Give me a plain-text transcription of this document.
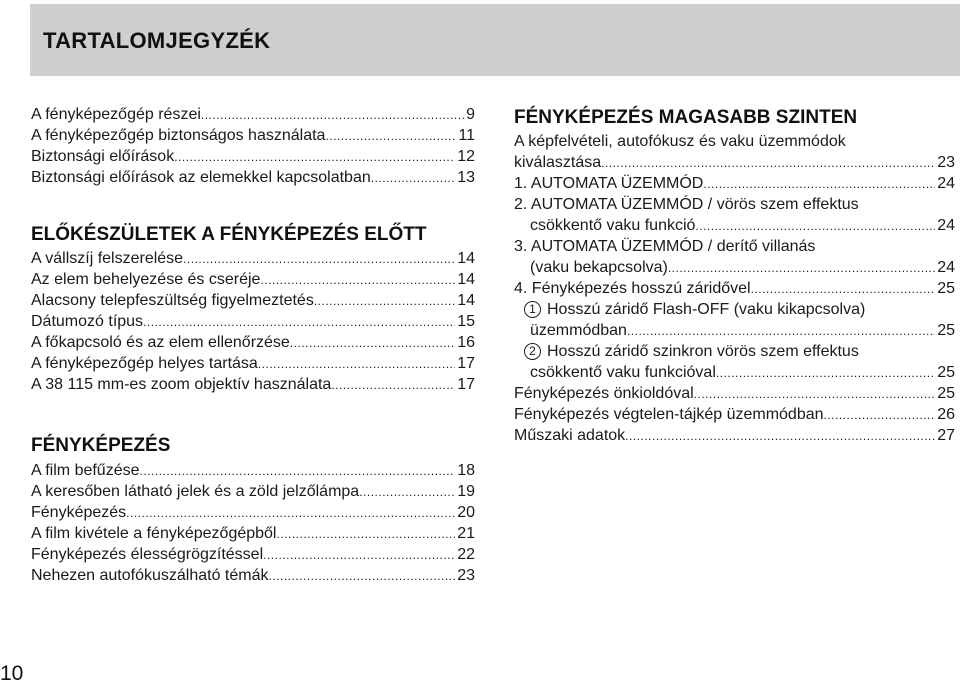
TARTALOMJEGYZÉK
A fényképezőgép részei .....	9
A fényképezőgép biztonságos használata .....	11
Biztonsági előírások .....	12
Biztonsági előírások az elemekkel kapcsolatban .....	13
ELŐKÉSZÜLETEK A FÉNYKÉPEZÉS ELŐTT
A vállszíj felszerelése .....	14
Az elem behelyezése és cseréje .....	14
Alacsony telepfeszültség figyelmeztetés .....	14
Dátumozó típus .....	15
A főkapcsoló és az elem ellenőrzése .....	16
A fényképezőgép helyes tartása .....	17
A 38 115 mm-es zoom objektív használata .....	17
FÉNYKÉPEZÉS
A film befűzése .....	18
A keresőben látható jelek és a zöld jelzőlámpa .....	19
Fényképezés .....	20
A film kivétele a fényképezőgépből .....	21
Fényképezés élességrögzítéssel .....	22
Nehezen autofókuszálható témák .....	23
FÉNYKÉPEZÉS MAGASABB SZINTEN
A képfelvételi, autofókusz és vaku üzemmódok
kiválasztása .....	23
1. AUTOMATA ÜZEMMÓD .....	24
2. AUTOMATA ÜZEMMÓD / vörös szem effektus
csökkentő vaku funkció .....	24
3. AUTOMATA ÜZEMMÓD / derítő villanás
(vaku bekapcsolva) .....	24
4. Fényképezés hosszú záridővel .....	25
1 Hosszú záridő Flash-OFF (vaku kikapcsolva)
üzemmódban .....	25
2 Hosszú záridő szinkron vörös szem effektus
csökkentő vaku funkcióval .....	25
Fényképezés önkioldóval .....	25
Fényképezés végtelen-tájkép üzemmódban .....	26
Műszaki adatok .....	27
10
